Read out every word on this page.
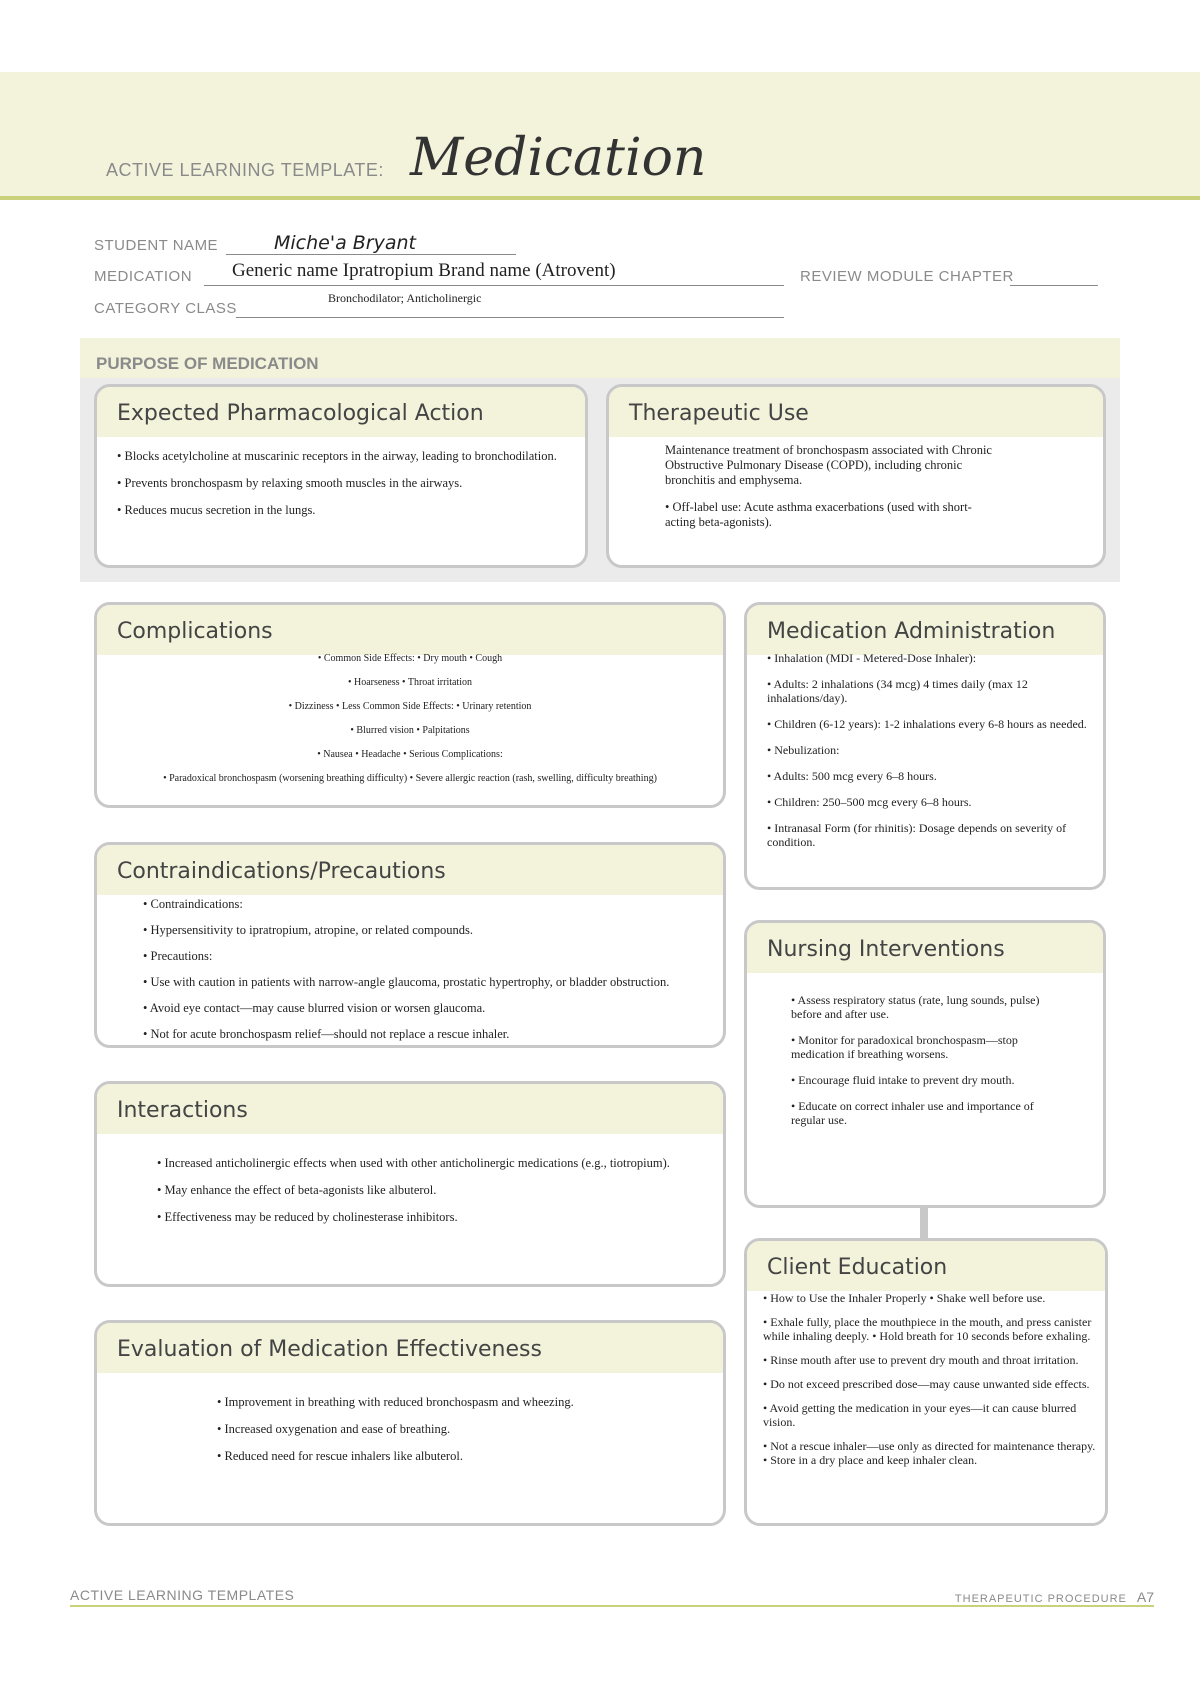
ACTIVE LEARNING TEMPLATE: Medication
STUDENT NAME	Miche'a Bryant
MEDICATION Generic name Ipratropium Brand name (Atrovent)	REVIEW MODULE CHAPTER
CATEGORY CLASS
Bronchodilator; Anticholinergic
PURPOSE OF MEDICATION
Expected Pharmacological Action

• Blocks acetylcholine at muscarinic receptors in the airway, leading to bronchodilation.

• Prevents bronchospasm by relaxing smooth muscles in the airways.

• Reduces mucus secretion in the lungs.

Therapeutic Use

Maintenance treatment of bronchospasm associated with Chronic Obstructive Pulmonary Disease (COPD), including chronic bronchitis and emphysema.

• Off-label use: Acute asthma exacerbations (used with short-acting beta-agonists).

Complications

• Common Side Effects: • Dry mouth • Cough

• Hoarseness • Throat irritation

• Dizziness • Less Common Side Effects: • Urinary retention

• Blurred vision • Palpitations

• Nausea • Headache • Serious Complications:

• Paradoxical bronchospasm (worsening breathing difficulty) • Severe allergic reaction (rash, swelling, difficulty breathing)

Contraindications/Precautions

• Contraindications:

• Hypersensitivity to ipratropium, atropine, or related compounds.

• Precautions:

• Use with caution in patients with narrow-angle glaucoma, prostatic hypertrophy, or bladder obstruction.

• Avoid eye contact—may cause blurred vision or worsen glaucoma.

• Not for acute bronchospasm relief—should not replace a rescue inhaler.

Interactions

• Increased anticholinergic effects when used with other anticholinergic medications (e.g., tiotropium).

• May enhance the effect of beta-agonists like albuterol.

• Effectiveness may be reduced by cholinesterase inhibitors.

Evaluation of Medication Effectiveness

• Improvement in breathing with reduced bronchospasm and wheezing.

• Increased oxygenation and ease of breathing.

• Reduced need for rescue inhalers like albuterol.

Medication Administration

• Inhalation (MDI - Metered-Dose Inhaler):

• Adults: 2 inhalations (34 mcg) 4 times daily (max 12 inhalations/day).

• Children (6-12 years): 1-2 inhalations every 6-8 hours as needed.

• Nebulization:

• Adults: 500 mcg every 6–8 hours.

• Children: 250–500 mcg every 6–8 hours.

• Intranasal Form (for rhinitis): Dosage depends on severity of condition.

Nursing Interventions

• Assess respiratory status (rate, lung sounds, pulse) before and after use.

• Monitor for paradoxical bronchospasm—stop medication if breathing worsens.

• Encourage fluid intake to prevent dry mouth.

• Educate on correct inhaler use and importance of regular use.

Client Education

• How to Use the Inhaler Properly • Shake well before use.

• Exhale fully, place the mouthpiece in the mouth, and press canister while inhaling deeply. • Hold breath for 10 seconds before exhaling.

• Rinse mouth after use to prevent dry mouth and throat irritation.

• Do not exceed prescribed dose—may cause unwanted side effects.

• Avoid getting the medication in your eyes—it can cause blurred vision.

• Not a rescue inhaler—use only as directed for maintenance therapy. • Store in a dry place and keep inhaler clean.

ACTIVE LEARNING TEMPLATES	THERAPEUTIC PROCEDURE A7
